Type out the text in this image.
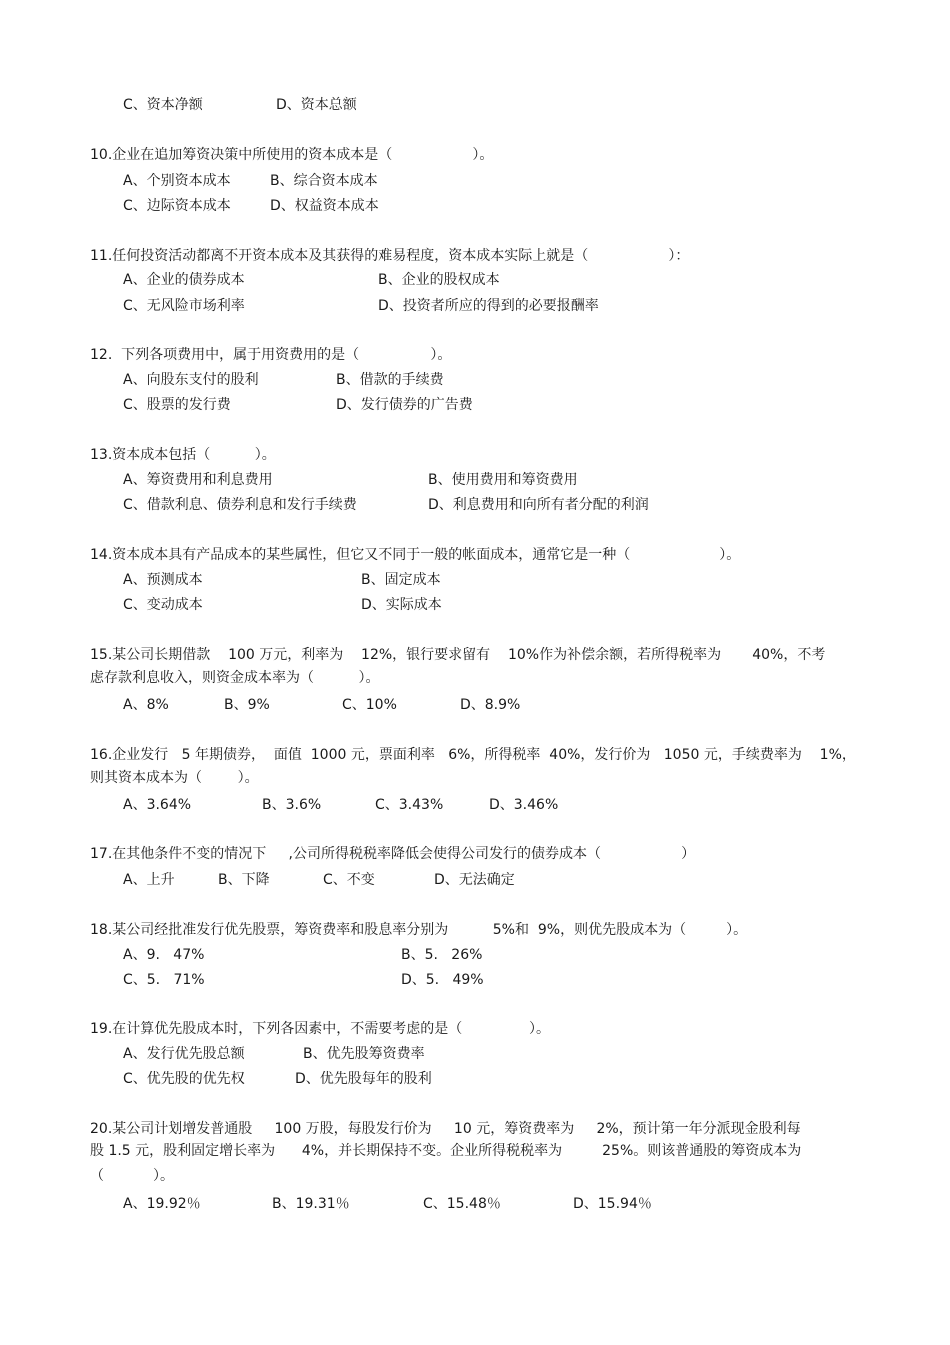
C、资本净额	D、资本总额
10.企业在追加筹资决策中所使用的资本成本是（                  ）。
A、个别资本成本	B、综合资本成本
C、边际资本成本	D、权益资本成本
11.任何投资活动都离不开资本成本及其获得的难易程度，资本成本实际上就是（                  ）：
A、企业的债券成本	B、企业的股权成本
C、无风险市场利率	D、投资者所应的得到的必要报酬率
12.  下列各项费用中，属于用资费用的是（                ）。
A、向股东支付的股利	B、借款的手续费
C、股票的发行费	D、发行债券的广告费
13.资本成本包括（          ）。
A、筹资费用和利息费用	B、使用费用和筹资费用
C、借款利息、债券利息和发行手续费	D、利息费用和向所有者分配的利润
14.资本成本具有产品成本的某些属性，但它又不同于一般的帐面成本，通常它是一种（                    ）。
A、预测成本	B、固定成本
C、变动成本	D、实际成本
15.某公司长期借款    100 万元，利率为    12%，银行要求留有    10%作为补偿余额，若所得税率为       40%，不考
虑存款利息收入，则资金成本率为（          ）。
A、8%	B、9%	C、10%	D、8.9%
16.企业发行   5 年期债券，  面值  1000 元，票面利率   6%，所得税率  40%，发行价为   1050 元，手续费率为    1%，
则其资本成本为（        ）。
A、3.64%	B、3.6%	C、3.43%	D、3.46%
17.在其他条件不变的情况下     ,公司所得税税率降低会使得公司发行的债券成本（                  ）
A、上升	B、下降	C、不变	D、无法确定
18.某公司经批准发行优先股票，筹资费率和股息率分别为          5%和  9%，则优先股成本为（         ）。
A、9.   47%	B、5.   26%
C、5.   71%	D、5.   49%
19.在计算优先股成本时，下列各因素中，不需要考虑的是（               ）。
A、发行优先股总额	B、优先股筹资费率
C、优先股的优先权	D、优先股每年的股利
20.某公司计划增发普通股     100 万股，每股发行价为     10 元，筹资费率为     2%，预计第一年分派现金股利每
股 1.5 元，股利固定增长率为      4%，并长期保持不变。企业所得税税率为         25%。则该普通股的筹资成本为
（           ）。
A、19.92％	B、19.31％	C、15.48％	D、15.94％
